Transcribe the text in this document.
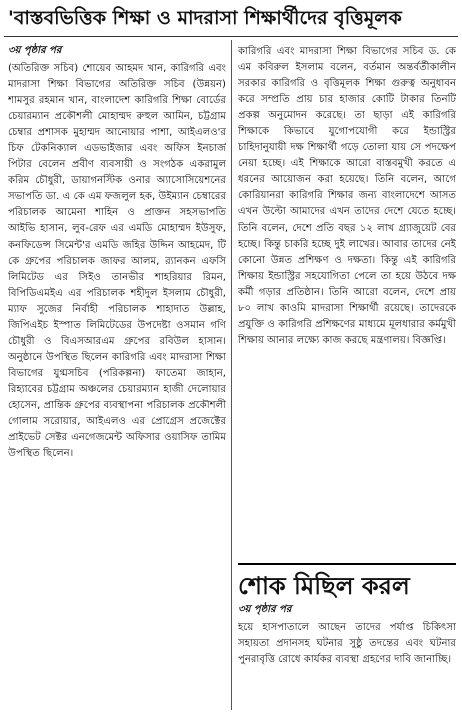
'বাস্তবভিত্তিক শিক্ষা ও মাদরাসা শিক্ষার্থীদের বৃত্তিমূলক

৩য় পৃষ্ঠার পর

(অতিরিক্ত সচিব) শোয়েব আহমদ খান, কারিগরি এবং মাদরাসা শিক্ষা বিভাগের অতিরিক্ত সচিব (উন্নয়ন) শামসুর রহমান খান, বাংলাদেশ কারিগরি শিক্ষা বোর্ডের চেয়ারম্যান প্রকৌশলী মোহাম্মদ রুহুল আমিন, চট্টগ্রাম চেম্বার প্রশাসক মুহাম্মদ আনোয়ার পাশা, আইএলও'র চিফ টেকনিক্যাল এডভাইজার এবং অফিস ইনচার্জ পিটার বেলেন প্রবীণ ব্যবসায়ী ও সংগঠক একরামুল করিম চৌধুরী, ডায়াগনস্টিক ওনার অ্যাসোসিয়েশনের সভাপতি ডা. এ কে এম ফজলুল হক, উইম্যান চেম্বারের পরিচালক আমেনা শাহিন ও প্রাক্তন সহসভাপতি আইভি হাসান, লুব-রেফ এর এমডি মোহাম্মদ ইউসুফ, কনফিডেন্স সিমেন্ট'র এমডি জহির উদ্দিন আহমেদ, টি কে গ্রুপের পরিচালক জাফর আলম, র‍্যানকন এফসি লিমিটেড এর সিইও তানভীর শাহরিয়ার রিমন, বিপিডিএমইএ এর পরিচালক শহীদুল ইসলাম চৌধুরী, ম্যাফ সুজের নির্বাহী পরিচালক শাহাদাত উল্লাহ, জিপিএইচ ইস্পাত লিমিটেডের উপদেষ্টা ওসমান গণি চৌধুরী ও বিএসআরএম গ্রুপের রবিউল হাসান। অনুষ্ঠানে উপস্থিত ছিলেন কারিগরি এবং মাদরাসা শিক্ষা বিভাগের যুগ্মসচিব (পরিকল্পনা) ফাতেমা জাহান, রিহ্যাবের চট্টগ্রাম অঞ্চলের চেয়ারম্যান হাজী দেলোয়ার হোসেন, প্রান্তিক গ্রুপের ব্যবস্থাপনা পরিচালক প্রকৌশলী গোলাম সরোয়ার, আইএলও এর প্রোগ্রেস প্রজেক্টের প্রাইভেট সেক্টর এনগেজমেন্ট অফিসার ওয়াসিফ তামিম উপস্থিত ছিলেন।

কারিগরি এবং মাদরাসা শিক্ষা বিভাগের সচিব ড. কে এম কবিরুল ইসলাম বলেন, বর্তমান অন্তর্বর্তীকালীন সরকার কারিগরি ও বৃত্তিমূলক শিক্ষা গুরুত্ব অনুধাবন করে সম্প্রতি প্রায় চার হাজার কোটি টাকার তিনটি প্রকল্প অনুমোদন করেছে। তা ছাড়া এই কারিগরি শিক্ষাকে কিভাবে যুগোপযোগী করে ইন্ডাস্ট্রির চাহিদানুযায়ী দক্ষ শিক্ষার্থী গড়ে তোলা যায় সে পদক্ষেপ নেয়া হচ্ছে। এই শিক্ষাকে আরো বাস্তবমুখী করতে এ ধরনের আয়োজন করা হয়েছে। তিনি বলেন, আগে কোরিয়ানরা কারিগরি শিক্ষার জন্য বাংলাদেশে আসত এখন উল্টো আমাদের এখন তাদের দেশে যেতে হচ্ছে। তিনি বলেন, দেশে প্রতি বছর ১২ লাখ গ্র্যাজুয়েট বের হচ্ছে। কিন্তু চাকরি হচ্ছে দুই লাখের। আবার তাদের নেই কোনো উন্নত প্রশিক্ষণ ও দক্ষতা। কিন্তু এই কারিগরি শিক্ষায় ইন্ডাস্ট্রির সহযোগিতা পেলে তা হয়ে উঠবে দক্ষ কর্মী গড়ার প্রতিষ্ঠান। তিনি আরো বলেন, দেশে প্রায় ৮০ লাখ কাওমি মাদরাসা শিক্ষার্থী রয়েছে। তাদেরকে প্রযুক্তি ও কারিগরি প্রশিক্ষণের মাধ্যমে মূলধারার কর্মমুখী শিক্ষায় আনার লক্ষ্যে কাজ করছে মন্ত্রণালয়। বিজ্ঞপ্তি।

শোক মিছিল করল

৩য় পৃষ্ঠার পর

হয়ে হাসপাতালে আছেন তাদের পর্যাপ্ত চিকিৎসা সহায়তা প্রদানসহ ঘটনার সুষ্ঠু তদন্তের এবং ঘটনার পুনরাবৃত্তি রোধে কার্যকর ব্যবস্থা গ্রহণের দাবি জানাচ্ছি।
